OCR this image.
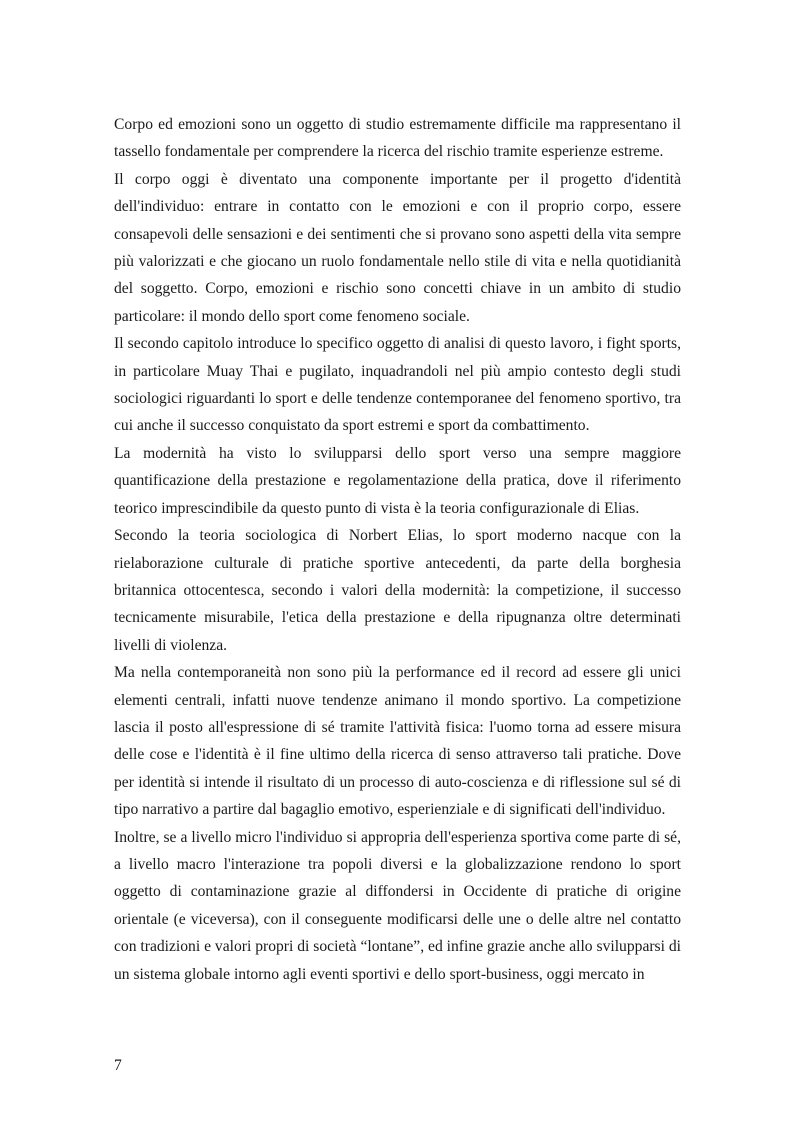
Corpo ed emozioni sono un oggetto di studio estremamente difficile ma rappresentano il tassello fondamentale per comprendere la ricerca del rischio tramite esperienze estreme.

Il corpo oggi è diventato una componente importante per il progetto d'identità dell'individuo: entrare in contatto con le emozioni e con il proprio corpo, essere consapevoli delle sensazioni e dei sentimenti che si provano sono aspetti della vita sempre più valorizzati e che giocano un ruolo fondamentale nello stile di vita e nella quotidianità del soggetto. Corpo, emozioni e rischio sono concetti chiave in un ambito di studio particolare: il mondo dello sport come fenomeno sociale.

Il secondo capitolo introduce lo specifico oggetto di analisi di questo lavoro, i fight sports, in particolare Muay Thai e pugilato, inquadrandoli nel più ampio contesto degli studi sociologici riguardanti lo sport e delle tendenze contemporanee del fenomeno sportivo, tra cui anche il successo conquistato da sport estremi e sport da combattimento.

La modernità ha visto lo svilupparsi dello sport verso una sempre maggiore quantificazione della prestazione e regolamentazione della pratica, dove il riferimento teorico imprescindibile da questo punto di vista è la teoria configurazionale di Elias.

Secondo la teoria sociologica di Norbert Elias, lo sport moderno nacque con la rielaborazione culturale di pratiche sportive antecedenti, da parte della borghesia britannica ottocentesca, secondo i valori della modernità: la competizione, il successo tecnicamente misurabile, l'etica della prestazione e della ripugnanza oltre determinati livelli di violenza.

Ma nella contemporaneità non sono più la performance ed il record ad essere gli unici elementi centrali, infatti nuove tendenze animano il mondo sportivo. La competizione lascia il posto all'espressione di sé tramite l'attività fisica: l'uomo torna ad essere misura delle cose e l'identità è il fine ultimo della ricerca di senso attraverso tali pratiche. Dove per identità si intende il risultato di un processo di auto-coscienza e di riflessione sul sé di tipo narrativo a partire dal bagaglio emotivo, esperienziale e di significati dell'individuo.

Inoltre, se a livello micro l'individuo si appropria dell'esperienza sportiva come parte di sé, a livello macro l'interazione tra popoli diversi e la globalizzazione rendono lo sport oggetto di contaminazione grazie al diffondersi in Occidente di pratiche di origine orientale (e viceversa), con il conseguente modificarsi delle une o delle altre nel contatto con tradizioni e valori propri di società “lontane”, ed infine grazie anche allo svilupparsi di un sistema globale intorno agli eventi sportivi e dello sport-business, oggi mercato in

7
